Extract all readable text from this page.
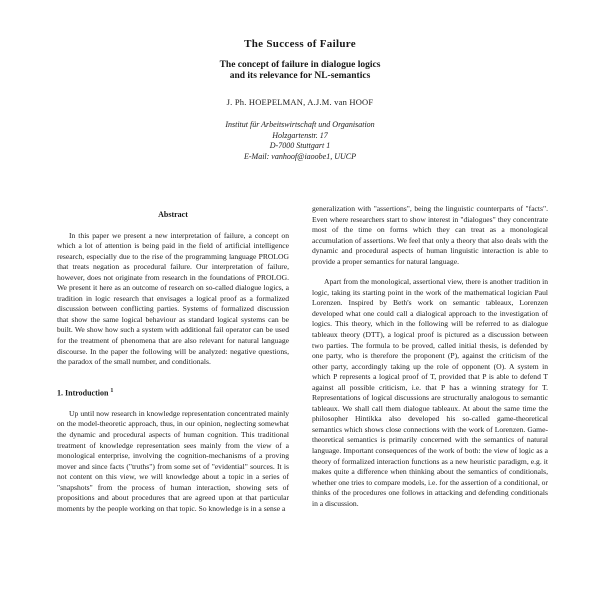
The Success of Failure
The concept of failure in dialogue logics
and its relevance for NL-semantics
J. Ph. HOEPELMAN, A.J.M. van HOOF
Institut für Arbeitswirtschaft und Organisation
Holzgartenstr. 17
D-7000 Stuttgart 1
E-Mail: vanhoof@iaoobe1, UUCP
Abstract

In this paper we present a new interpretation of failure, a concept on which a lot of attention is being paid in the field of artificial intelligence research, especially due to the rise of the programming language PROLOG that treats negation as procedural failure. Our interpretation of failure, however, does not originate from research in the foundations of PROLOG. We present it here as an outcome of research on so-called dialogue logics, a tradition in logic research that envisages a logical proof as a formalized discussion between conflicting parties. Systems of formalized discussion that show the same logical behaviour as standard logical systems can be built. We show how such a system with additional fail operator can be used for the treatment of phenomena that are also relevant for natural language discourse. In the paper the following will be analyzed: negative questions, the paradox of the small number, and conditionals.

1. Introduction $^1$

Up until now research in knowledge representation concentrated mainly on the model-theoretic approach, thus, in our opinion, neglecting somewhat the dynamic and procedural aspects of human cognition. This traditional treatment of knowledge representation sees mainly from the view of a monological enterprise, involving the cognition-mechanisms of a proving mover and since facts ("truths") from some set of "evidential" sources. It is not content on this view, we will knowledge about a topic in a series of "snapshots" from the process of human interaction, showing sets of propositions and about procedures that are agreed upon at that particular moments by the people working on that topic. So knowledge is in a sense a

generalization with "assertions", being the linguistic counterparts of "facts". Even where researchers start to show interest in "dialogues" they concentrate most of the time on forms which they can treat as a monological accumulation of assertions. We feel that only a theory that also deals with the dynamic and procedural aspects of human linguistic interaction is able to provide a proper semantics for natural language.

Apart from the monological, assertional view, there is another tradition in logic, taking its starting point in the work of the mathematical logician Paul Lorenzen. Inspired by Beth's work on semantic tableaux, Lorenzen developed what one could call a dialogical approach to the investigation of logics. This theory, which in the following will be referred to as dialogue tableaux theory (DTT), a logical proof is pictured as a discussion between two parties. The formula to be proved, called initial thesis, is defended by one party, who is therefore the proponent (P), against the criticism of the other party, accordingly taking up the role of opponent (O). A system in which P represents a logical proof of T, provided that P is able to defend T against all possible criticism, i.e. that P has a winning strategy for T. Representations of logical discussions are structurally analogous to semantic tableaux. We shall call them dialogue tableaux. At about the same time the philosopher Hintikka also developed his so-called game-theoretical semantics which shows close connections with the work of Lorenzen. Game-theoretical semantics is primarily concerned with the semantics of natural language. Important consequences of the work of both: the view of logic as a theory of formalized interaction functions as a new heuristic paradigm, e.g. it makes quite a difference when thinking about the semantics of conditionals, whether one tries to compare models, i.e. for the assertion of a conditional, or thinks of the procedures one follows in attacking and defending conditionals in a discussion.
